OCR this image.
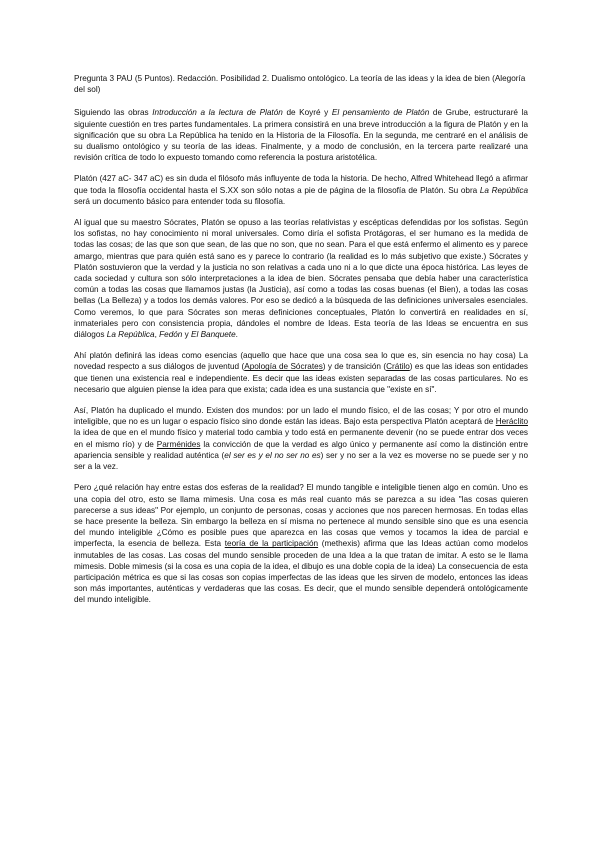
Pregunta 3 PAU (5 Puntos). Redacción. Posibilidad 2. Dualismo ontológico. La teoría de las ideas y la idea de bien (Alegoría del sol)

Siguiendo las obras Introducción a la lectura de Platón de Koyré y El pensamiento de Platón de Grube, estructuraré la siguiente cuestión en tres partes fundamentales. La primera consistirá en una breve introducción a la figura de Platón y en la significación que su obra La República ha tenido en la Historia de la Filosofía. En la segunda, me centraré en el análisis de su dualismo ontológico y su teoría de las ideas. Finalmente, y a modo de conclusión, en la tercera parte realizaré una revisión crítica de todo lo expuesto tomando como referencia la postura aristotélica.

Platón (427 aC- 347 aC) es sin duda el filósofo más influyente de toda la historia. De hecho, Alfred Whitehead llegó a afirmar que toda la filosofía occidental hasta el S.XX son sólo notas a pie de página de la filosofía de Platón. Su obra La República será un documento básico para entender toda su filosofía.

Al igual que su maestro Sócrates, Platón se opuso a las teorías relativistas y escépticas defendidas por los sofistas. Según los sofistas, no hay conocimiento ni moral universales. Como diría el sofista Protágoras, el ser humano es la medida de todas las cosas; de las que son que sean, de las que no son, que no sean. Para el que está enfermo el alimento es y parece amargo, mientras que para quién está sano es y parece lo contrario (la realidad es lo más subjetivo que existe.) Sócrates y Platón sostuvieron que la verdad y la justicia no son relativas a cada uno ni a lo que dicte una época histórica. Las leyes de cada sociedad y cultura son sólo interpretaciones a la idea de bien. Sócrates pensaba que debía haber una característica común a todas las cosas que llamamos justas (la Justicia), así como a todas las cosas buenas (el Bien), a todas las cosas bellas (La Belleza) y a todos los demás valores. Por eso se dedicó a la búsqueda de las definiciones universales esenciales. Como veremos, lo que para Sócrates son meras definiciones conceptuales, Platón lo convertirá en realidades en sí, inmateriales pero con consistencia propia, dándoles el nombre de Ideas. Esta teoría de las Ideas se encuentra en sus diálogos La República, Fedón y El Banquete.

Ahí platón definirá las ideas como esencias (aquello que hace que una cosa sea lo que es, sin esencia no hay cosa) La novedad respecto a sus diálogos de juventud (Apología de Sócrates) y de transición (Crátilo) es que las ideas son entidades que tienen una existencia real e independiente. Es decir que las ideas existen separadas de las cosas particulares. No es necesario que alguien piense la idea para que exista; cada idea es una sustancia que "existe en sí".

Así, Platón ha duplicado el mundo. Existen dos mundos: por un lado el mundo físico, el de las cosas; Y por otro el mundo inteligible, que no es un lugar o espacio físico sino donde están las ideas. Bajo esta perspectiva Platón aceptará de Heráclito la idea de que en el mundo físico y material todo cambia y todo está en permanente devenir (no se puede entrar dos veces en el mismo río) y de Parménides la convicción de que la verdad es algo único y permanente así como la distinción entre apariencia sensible y realidad auténtica (el ser es y el no ser no es) ser y no ser a la vez es moverse no se puede ser y no ser a la vez.

Pero ¿qué relación hay entre estas dos esferas de la realidad? El mundo tangible e inteligible tienen algo en común. Uno es una copia del otro, esto se llama mimesis. Una cosa es más real cuanto más se parezca a su idea "las cosas quieren parecerse a sus ideas" Por ejemplo, un conjunto de personas, cosas y acciones que nos parecen hermosas. En todas ellas se hace presente la belleza. Sin embargo la belleza en sí misma no pertenece al mundo sensible sino que es una esencia del mundo inteligible ¿Cómo es posible pues que aparezca en las cosas que vemos y tocamos la idea de parcial e imperfecta, la esencia de belleza. Esta teoría de la participación (methexis) afirma que las Ideas actúan como modelos inmutables de las cosas. Las cosas del mundo sensible proceden de una Idea a la que tratan de imitar. A esto se le llama mimesis. Doble mimesis (si la cosa es una copia de la idea, el dibujo es una doble copia de la idea) La consecuencia de esta participación métrica es que si las cosas son copias imperfectas de las ideas que les sirven de modelo, entonces las ideas son más importantes, auténticas y verdaderas que las cosas. Es decir, que el mundo sensible dependerá ontológicamente del mundo inteligible.
